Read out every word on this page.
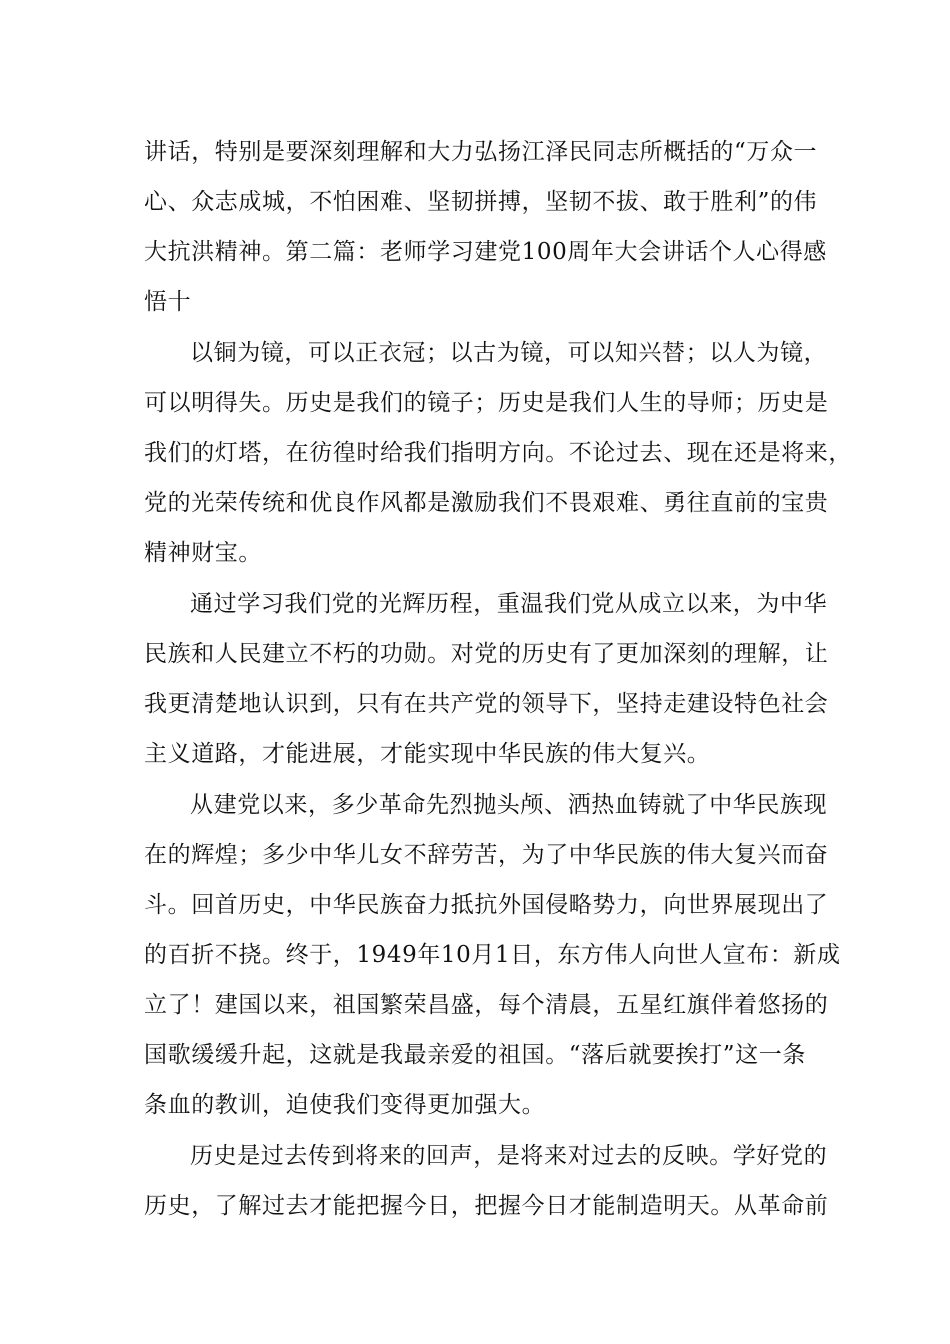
讲话，特别是要深刻理解和大力弘扬江泽民同志所概括的“万众一
心、众志成城，不怕困难、坚韧拼搏，坚韧不拔、敢于胜利”的伟
大抗洪精神。第二篇：老师学习建党100周年大会讲话个人心得感
悟十
以铜为镜，可以正衣冠；以古为镜，可以知兴替；以人为镜，
可以明得失。历史是我们的镜子；历史是我们人生的导师；历史是
我们的灯塔，在彷徨时给我们指明方向。不论过去、现在还是将来，
党的光荣传统和优良作风都是激励我们不畏艰难、勇往直前的宝贵
精神财宝。
通过学习我们党的光辉历程，重温我们党从成立以来，为中华
民族和人民建立不朽的功勋。对党的历史有了更加深刻的理解，让
我更清楚地认识到，只有在共产党的领导下，坚持走建设特色社会
主义道路，才能进展，才能实现中华民族的伟大复兴。
从建党以来，多少革命先烈抛头颅、洒热血铸就了中华民族现
在的辉煌；多少中华儿女不辞劳苦，为了中华民族的伟大复兴而奋
斗。回首历史，中华民族奋力抵抗外国侵略势力，向世界展现出了
的百折不挠。终于，1949年10月1日，东方伟人向世人宣布：新成
立了！建国以来，祖国繁荣昌盛，每个清晨，五星红旗伴着悠扬的
国歌缓缓升起，这就是我最亲爱的祖国。“落后就要挨打”这一条
条血的教训，迫使我们变得更加强大。
历史是过去传到将来的回声，是将来对过去的反映。学好党的
历史，了解过去才能把握今日，把握今日才能制造明天。从革命前
